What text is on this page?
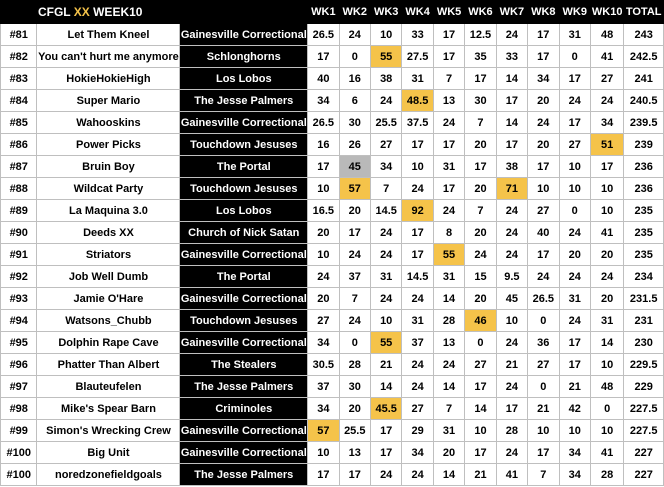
CFGL XX WEEK10			WK1	WK2	WK3	WK4	WK5	WK6	WK7	WK8	WK9	WK10	TOTAL
#81	Let Them Kneel	Gainesville Correctional	26.5	24	10	33	17	12.5	24	17	31	48	243
#82	You can't hurt me anymore	Schlonghorns	17	0	55	27.5	17	35	33	17	0	41	242.5
#83	HokieHokieHigh	Los Lobos	40	16	38	31	7	17	14	34	17	27	241
#84	Super Mario	The Jesse Palmers	34	6	24	48.5	13	30	17	20	24	24	240.5
#85	Wahooskins	Gainesville Correctional	26.5	30	25.5	37.5	24	7	14	24	17	34	239.5
#86	Power Picks	Touchdown Jesuses	16	26	27	17	17	20	17	20	27	51	239
#87	Bruin Boy	The Portal	17	45	34	10	31	17	38	17	10	17	236
#88	Wildcat Party	Touchdown Jesuses	10	57	7	24	17	20	71	10	10	10	236
#89	La Maquina 3.0	Los Lobos	16.5	20	14.5	92	24	7	24	27	0	10	235
#90	Deeds XX	Church of Nick Satan	20	17	24	17	8	20	24	40	24	41	235
#91	Striators	Gainesville Correctional	10	24	24	17	55	24	24	17	20	20	235
#92	Job Well Dumb	The Portal	24	37	31	14.5	31	15	9.5	24	24	24	234
#93	Jamie O'Hare	Gainesville Correctional	20	7	24	24	14	20	45	26.5	31	20	231.5
#94	Watsons_Chubb	Touchdown Jesuses	27	24	10	31	28	46	10	0	24	31	231
#95	Dolphin Rape Cave	Gainesville Correctional	34	0	55	37	13	0	24	36	17	14	230
#96	Phatter Than Albert	The Stealers	30.5	28	21	24	24	27	21	27	17	10	229.5
#97	Blauteufelen	The Jesse Palmers	37	30	14	24	14	17	24	0	21	48	229
#98	Mike's Spear Barn	Criminoles	34	20	45.5	27	7	14	17	21	42	0	227.5
#99	Simon's Wrecking Crew	Gainesville Correctional	57	25.5	17	29	31	10	28	10	10	10	227.5
#100	Big Unit	Gainesville Correctional	10	13	17	34	20	17	24	17	34	41	227
#100	noredzonefieldgoals	The Jesse Palmers	17	17	24	24	14	21	41	7	34	28	227
